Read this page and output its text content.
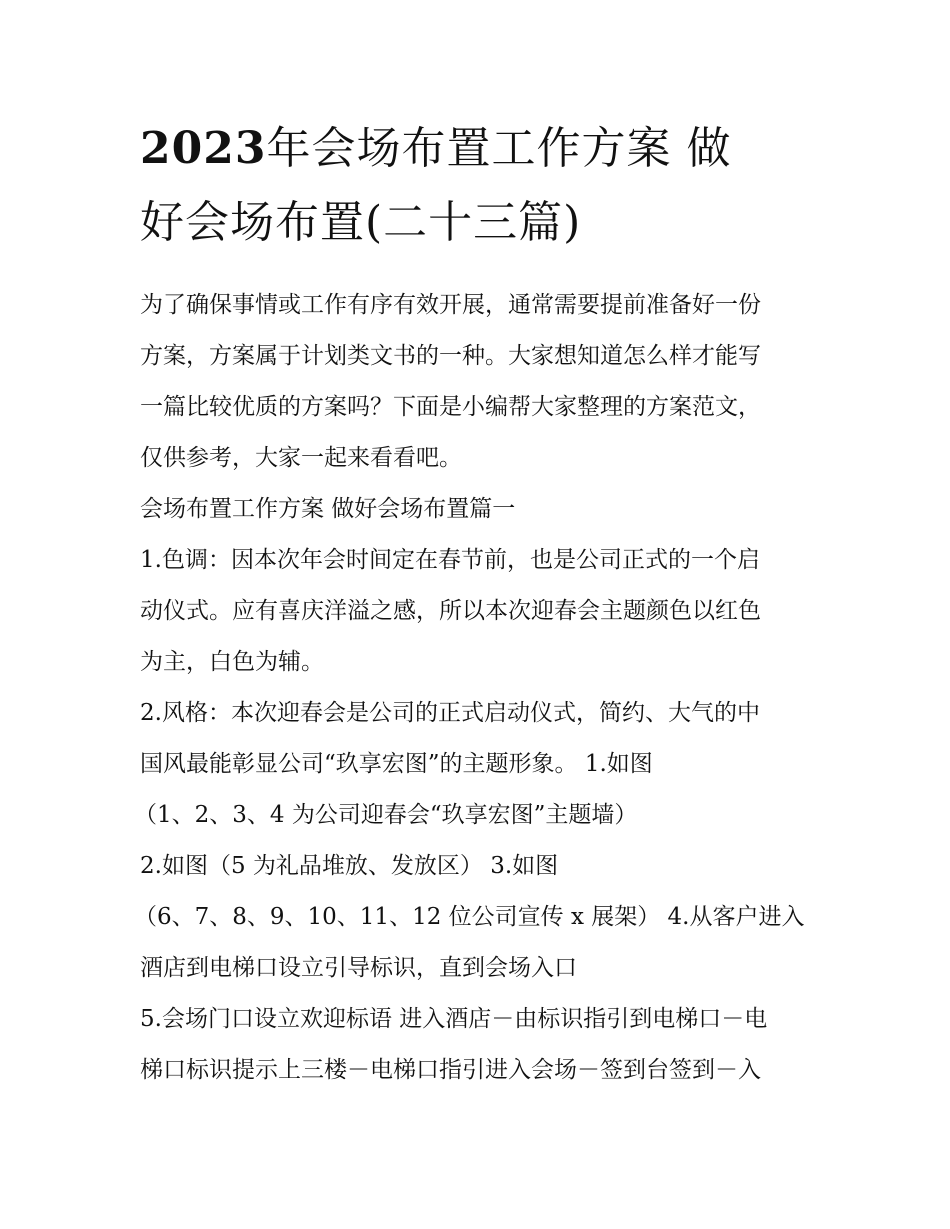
2023年会场布置工作方案 做
好会场布置(二十三篇)

为了确保事情或工作有序有效开展，通常需要提前准备好一份

方案，方案属于计划类文书的一种。大家想知道怎么样才能写

一篇比较优质的方案吗？下面是小编帮大家整理的方案范文，

仅供参考，大家一起来看看吧。

会场布置工作方案 做好会场布置篇一

1.色调：因本次年会时间定在春节前，也是公司正式的一个启

动仪式。应有喜庆洋溢之感，所以本次迎春会主题颜色以红色

为主，白色为辅。

2.风格：本次迎春会是公司的正式启动仪式，简约、大气的中

国风最能彰显公司“玖享宏图”的主题形象。 1.如图

（1、2、3、4 为公司迎春会“玖享宏图”主题墙）

2.如图（5 为礼品堆放、发放区） 3.如图

（6、7、8、9、10、11、12 位公司宣传 x 展架） 4.从客户进入

酒店到电梯口设立引导标识，直到会场入口

5.会场门口设立欢迎标语 进入酒店－由标识指引到电梯口－电

梯口标识提示上三楼－电梯口指引进入会场－签到台签到－入
